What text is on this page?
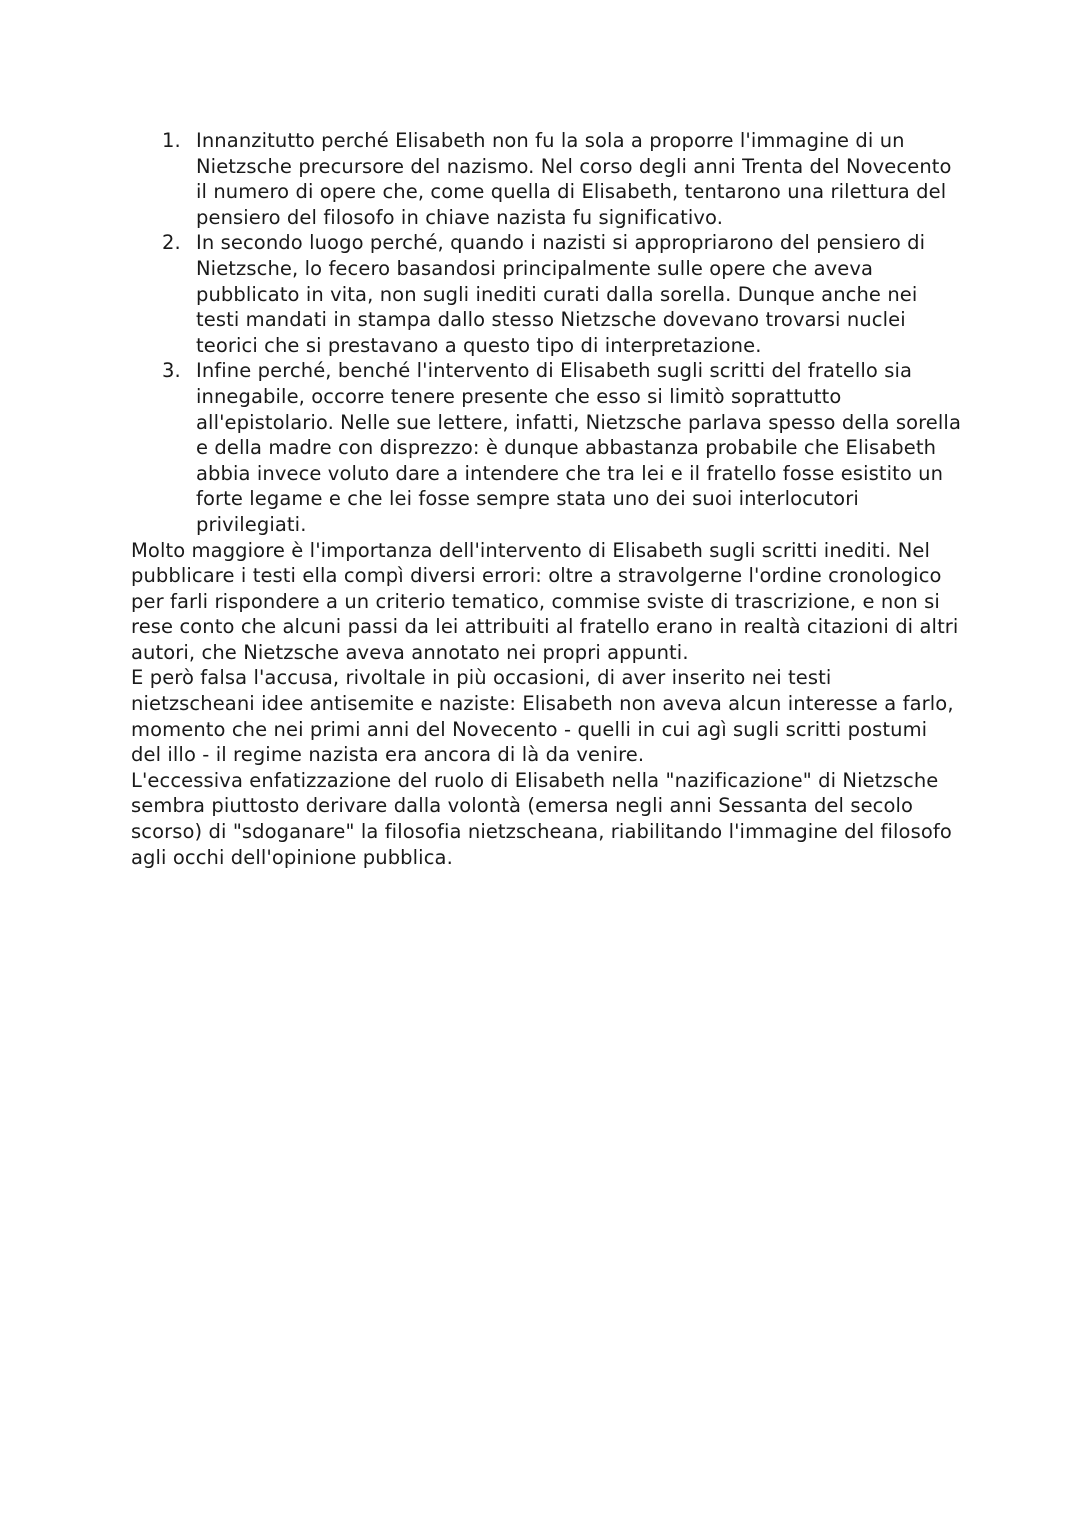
1. Innanzitutto perché Elisabeth non fu la sola a proporre l'immagine di un Nietzsche precursore del nazismo. Nel corso degli anni Trenta del Novecento il numero di opere che, come quella di Elisabeth, tentarono una rilettura del pensiero del filosofo in chiave nazista fu significativo.
2. In secondo luogo perché, quando i nazisti si appropriarono del pensiero di Nietzsche, lo fecero basandosi principalmente sulle opere che aveva pubblicato in vita, non sugli inediti curati dalla sorella. Dunque anche nei testi mandati in stampa dallo stesso Nietzsche dovevano trovarsi nuclei teorici che si prestavano a questo tipo di interpretazione.
3. Infine perché, benché l'intervento di Elisabeth sugli scritti del fratello sia innegabile, occorre tenere presente che esso si limitò soprattutto all'epistolario. Nelle sue lettere, infatti, Nietzsche parlava spesso della sorella e della madre con disprezzo: è dunque abbastanza probabile che Elisabeth abbia invece voluto dare a intendere che tra lei e il fratello fosse esistito un forte legame e che lei fosse sempre stata uno dei suoi interlocutori privilegiati.

Molto maggiore è l'importanza dell'intervento di Elisabeth sugli scritti inediti. Nel pubblicare i testi ella compì diversi errori: oltre a stravolgerne l'ordine cronologico per farli rispondere a un criterio tematico, commise sviste di trascrizione, e non si rese conto che alcuni passi da lei attribuiti al fratello erano in realtà citazioni di altri autori, che Nietzsche aveva annotato nei propri appunti.

E però falsa l'accusa, rivoltale in più occasioni, di aver inserito nei testi nietzscheani idee antisemite e naziste: Elisabeth non aveva alcun interesse a farlo, momento che nei primi anni del Novecento - quelli in cui agì sugli scritti postumi del illo - il regime nazista era ancora di là da venire.

L'eccessiva enfatizzazione del ruolo di Elisabeth nella "nazificazione" di Nietzsche sembra piuttosto derivare dalla volontà (emersa negli anni Sessanta del secolo scorso) di "sdoganare" la filosofia nietzscheana, riabilitando l'immagine del filosofo agli occhi dell'opinione pubblica.
